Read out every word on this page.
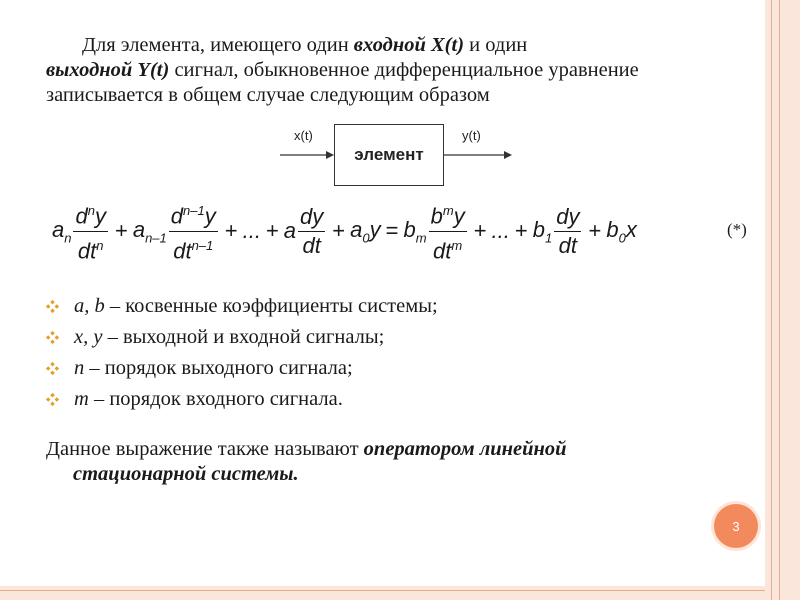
Для элемента, имеющего один входной X(t) и один
выходной Y(t) сигнал, обыкновенное дифференциальное уравнение записывается в общем случае следующим образом
x(t)
элемент
y(t)
$a_n \frac{d^ny}{dt^n} + a_{n-1} \frac{d^{n-1}y}{dt^{n-1}}$ + ... + a $\frac{dy}{dt} + a_0y = b_m \frac{b^my}{dt^m}$ + ... + $b_1 \frac{dy}{dt} + b_0x$	(*)
a, b – косвенные коэффициенты системы;
x, y – выходной и входной сигналы;
n – порядок выходного сигнала;
m – порядок входного сигнала.
Данное выражение также называют оператором линейной
стационарной системы.
3
